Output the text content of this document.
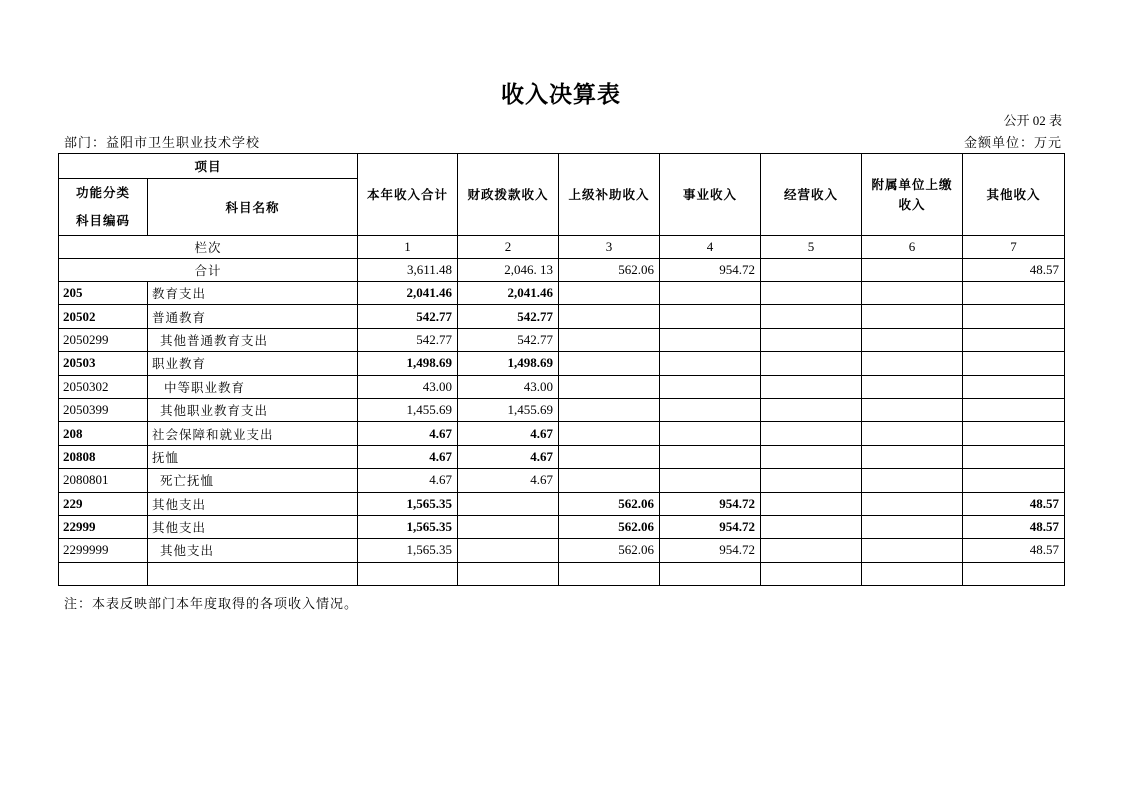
收入决算表
公开 02 表
部门：益阳市卫生职业技术学校	金额单位：万元
项目		本年收入合计	财政拨款收入	上级补助收入	事业收入	经营收入	附属单位上缴收入	其他收入
功能分类科目编码	科目名称							
栏次		1	2	3	4	5	6	7
合计		3,611.48	2,046. 13	562.06	954.72			48.57
205	教育支出	2,041.46	2,041.46					
20502	普通教育	542.77	542.77					
2050299	其他普通教育支出	542.77	542.77					
20503	职业教育	1,498.69	1,498.69					
2050302	中等职业教育	43.00	43.00					
2050399	其他职业教育支出	1,455.69	1,455.69					
208	社会保障和就业支出	4.67	4.67					
20808	抚恤	4.67	4.67					
2080801	死亡抚恤	4.67	4.67					
229	其他支出	1,565.35		562.06	954.72			48.57
22999	其他支出	1,565.35		562.06	954.72			48.57
2299999	其他支出	1,565.35		562.06	954.72			48.57

注：本表反映部门本年度取得的各项收入情况。
